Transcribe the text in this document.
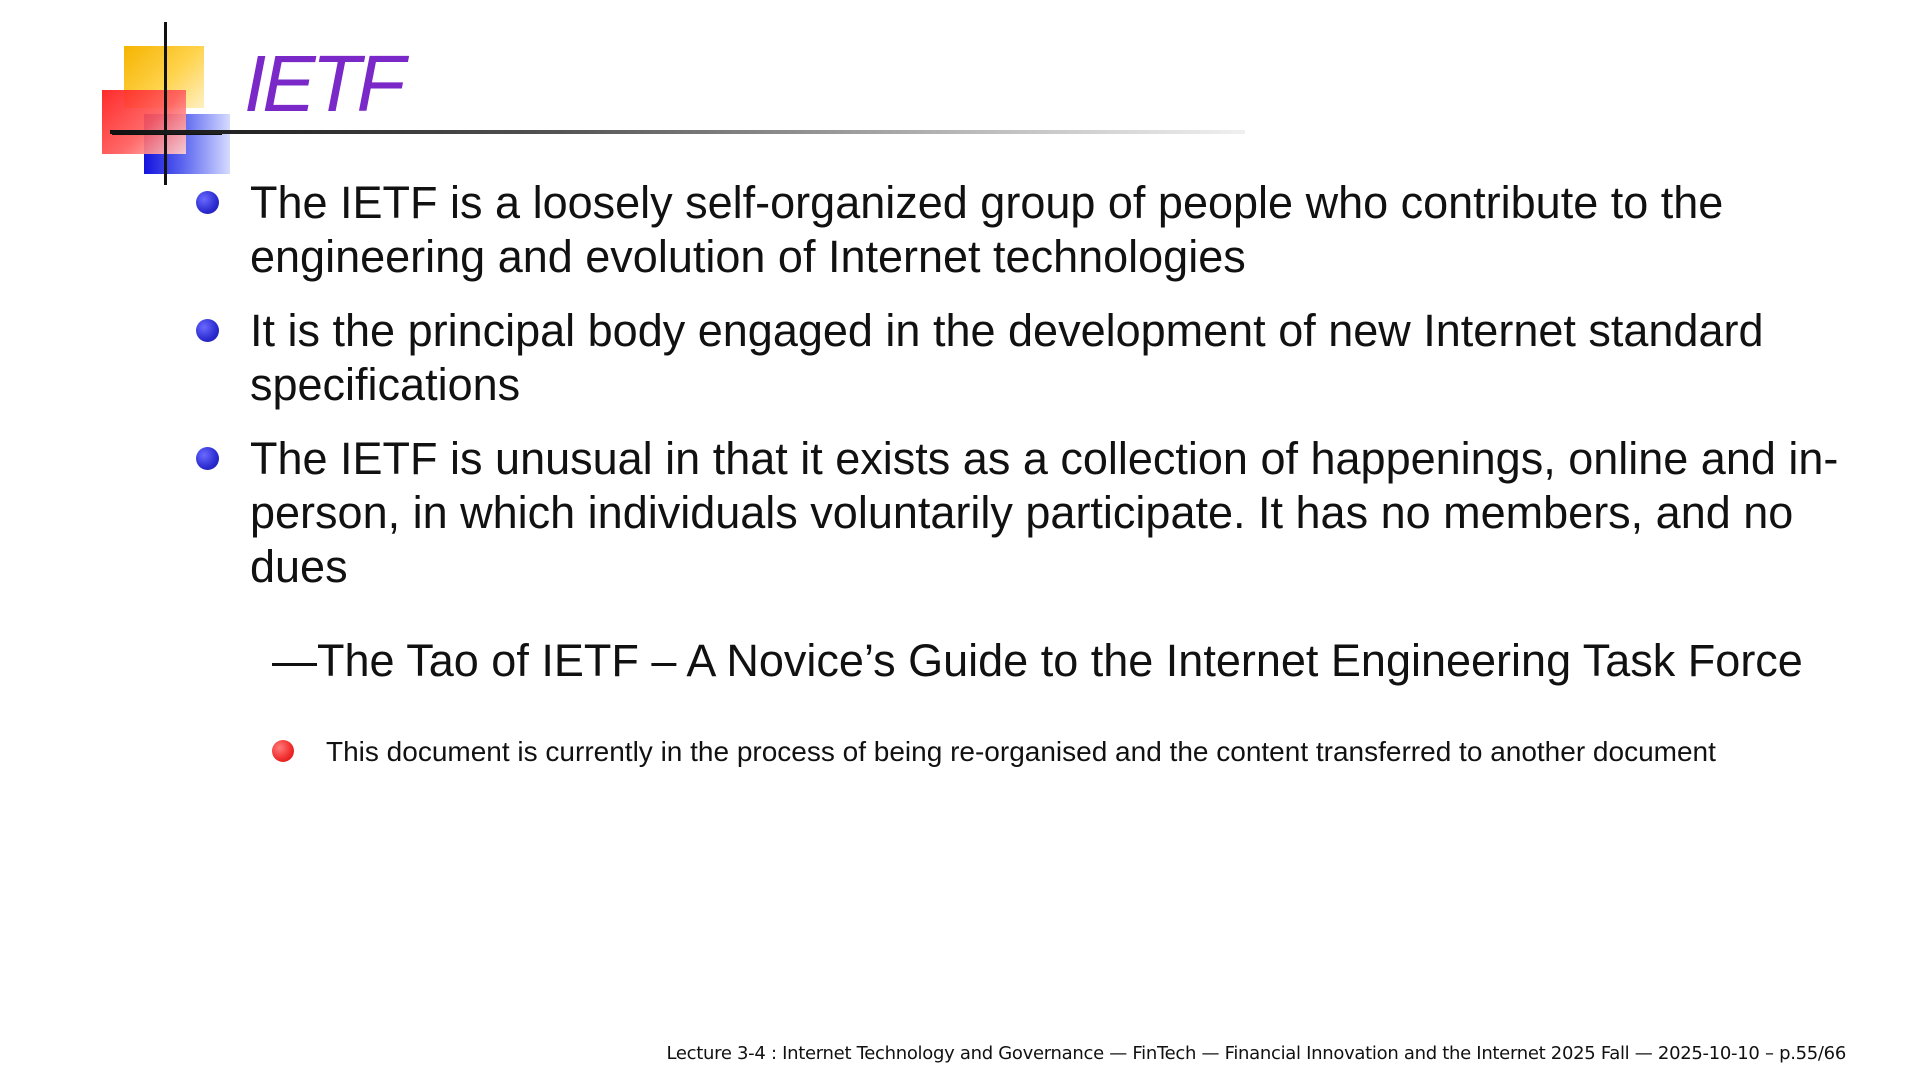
IETF
The IETF is a loosely self-organized group of people who contribute to the engineering and evolution of Internet technologies
It is the principal body engaged in the development of new Internet standard specifications
The IETF is unusual in that it exists as a collection of happenings, online and in-person, in which individuals voluntarily participate. It has no members, and no dues

—The Tao of IETF – A Novice’s Guide to the Internet Engineering Task Force

This document is currently in the process of being re-organised and the content transferred to another document
Lecture 3-4 : Internet Technology and Governance — FinTech — Financial Innovation and the Internet 2025 Fall — 2025-10-10 – p.55/66
